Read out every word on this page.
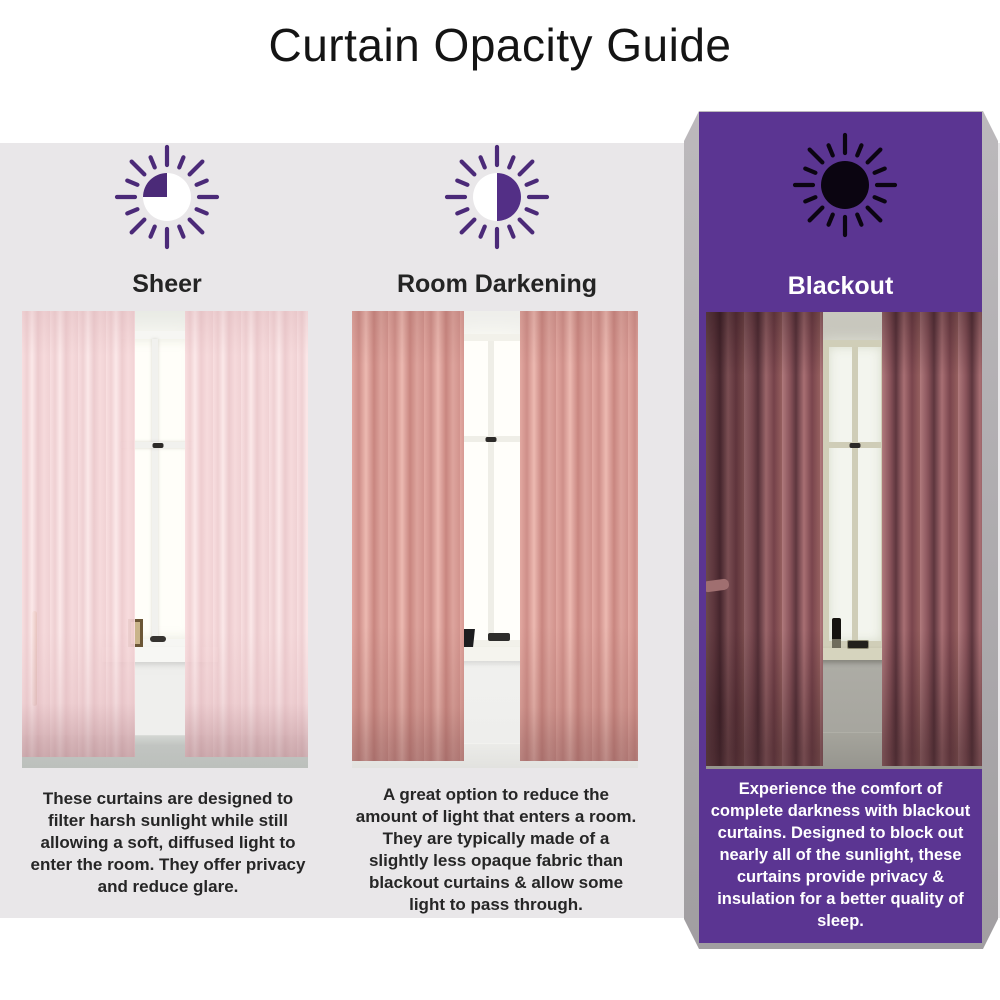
Curtain Opacity Guide
Sheer

These curtains are designed to filter harsh sunlight while still allowing a soft, diffused light to enter the room. They offer privacy and reduce glare.

Room Darkening

A great option to reduce the amount of light that enters a room. They are typically made of a slightly less opaque fabric than blackout curtains & allow some light to pass through.

Blackout

Experience the comfort of complete darkness with blackout curtains. Designed to block out nearly all of the sunlight, these curtains provide privacy & insulation for a better quality of sleep.
